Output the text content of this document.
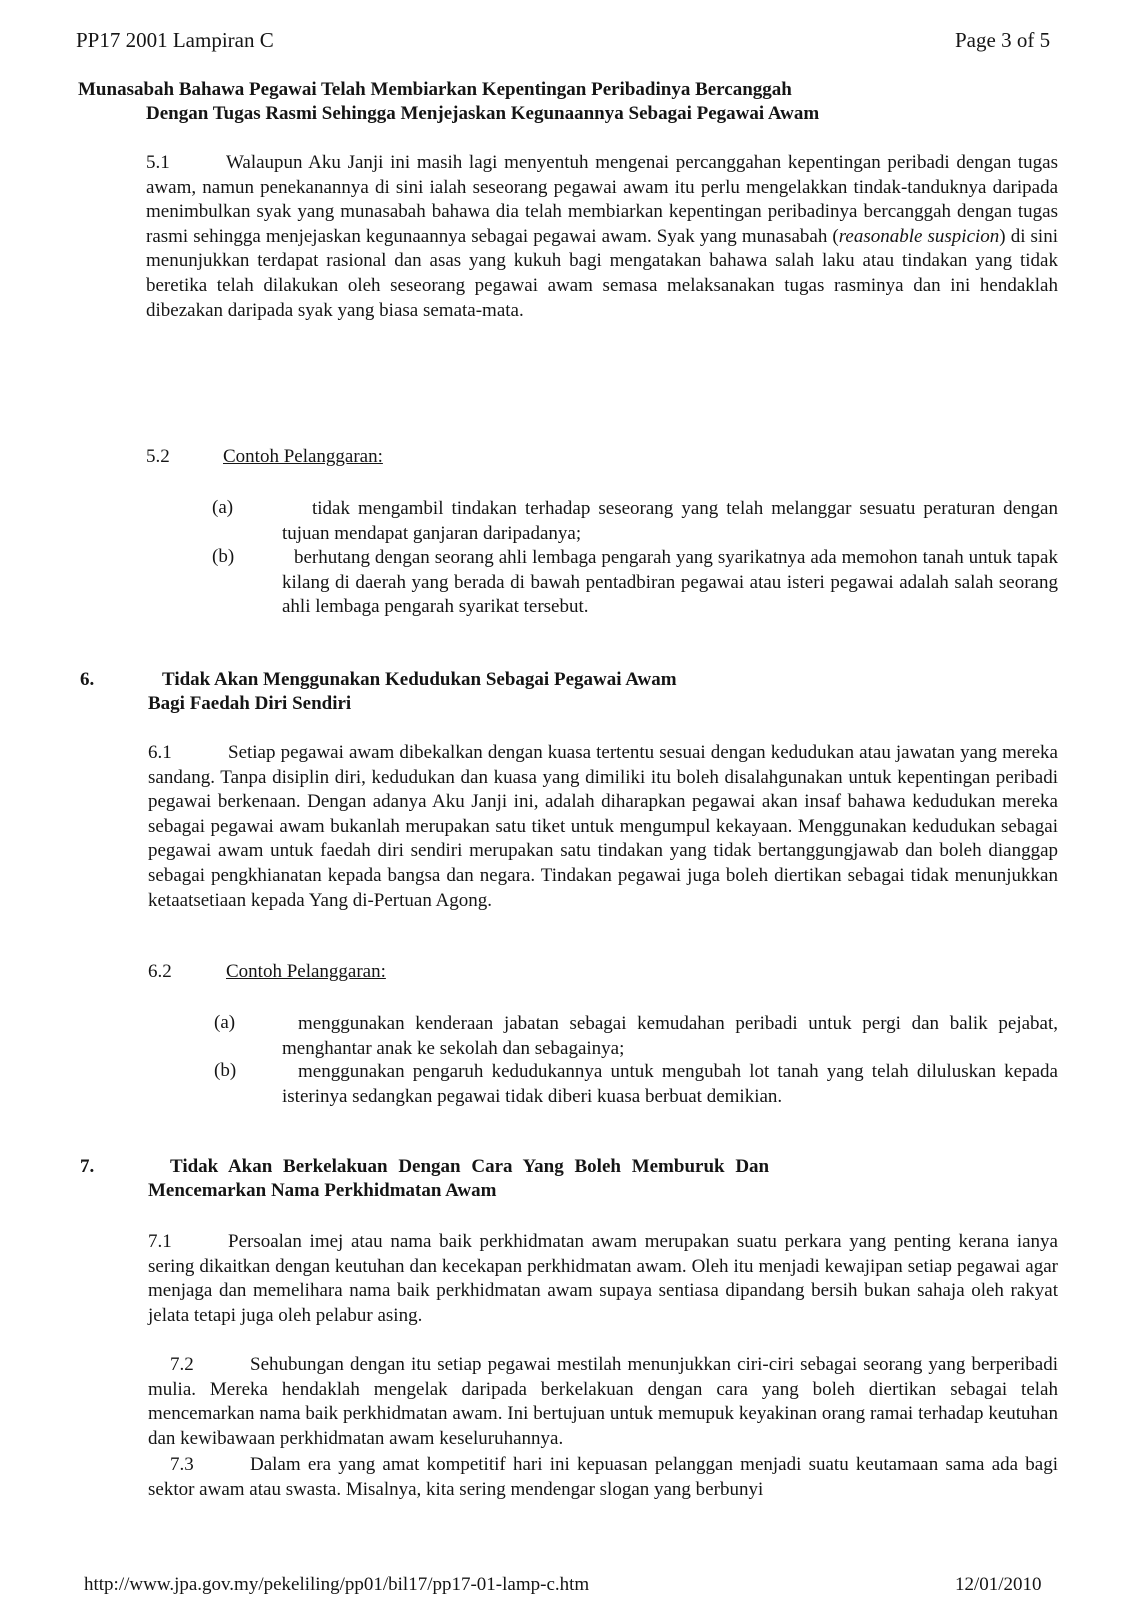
PP17 2001 Lampiran C	Page 3 of 5
Munasabah Bahawa Pegawai Telah Membiarkan Kepentingan Peribadinya Bercanggah
Dengan Tugas Rasmi Sehingga Menjejaskan Kegunaannya Sebagai Pegawai Awam
5.1	Walaupun Aku Janji ini masih lagi menyentuh mengenai percanggahan kepentingan peribadi dengan tugas awam, namun penekanannya di sini ialah seseorang pegawai awam itu perlu mengelakkan tindak-tanduknya daripada menimbulkan syak yang munasabah bahawa dia telah membiarkan kepentingan peribadinya bercanggah dengan tugas rasmi sehingga menjejaskan kegunaannya sebagai pegawai awam. Syak yang munasabah (reasonable suspicion) di sini menunjukkan terdapat rasional dan asas yang kukuh bagi mengatakan bahawa salah laku atau tindakan yang tidak beretika telah dilakukan oleh seseorang pegawai awam semasa melaksanakan tugas rasminya dan ini hendaklah dibezakan daripada syak yang biasa semata-mata.
5.2	Contoh Pelanggaran:
(a)	tidak mengambil tindakan terhadap seseorang yang telah melanggar sesuatu peraturan dengan tujuan mendapat ganjaran daripadanya;
(b)	berhutang dengan seorang ahli lembaga pengarah yang syarikatnya ada memohon tanah untuk tapak kilang di daerah yang berada di bawah pentadbiran pegawai atau isteri pegawai adalah salah seorang ahli lembaga pengarah syarikat tersebut.
6.	Tidak Akan Menggunakan Kedudukan Sebagai Pegawai Awam
Bagi Faedah Diri Sendiri
6.1	Setiap pegawai awam dibekalkan dengan kuasa tertentu sesuai dengan kedudukan atau jawatan yang mereka sandang. Tanpa disiplin diri, kedudukan dan kuasa yang dimiliki itu boleh disalahgunakan untuk kepentingan peribadi pegawai berkenaan. Dengan adanya Aku Janji ini, adalah diharapkan pegawai akan insaf bahawa kedudukan mereka sebagai pegawai awam bukanlah merupakan satu tiket untuk mengumpul kekayaan. Menggunakan kedudukan sebagai pegawai awam untuk faedah diri sendiri merupakan satu tindakan yang tidak bertanggungjawab dan boleh dianggap sebagai pengkhianatan kepada bangsa dan negara. Tindakan pegawai juga boleh diertikan sebagai tidak menunjukkan ketaatsetiaan kepada Yang di-Pertuan Agong.
6.2	Contoh Pelanggaran:
(a)	menggunakan kenderaan jabatan sebagai kemudahan peribadi untuk pergi dan balik pejabat, menghantar anak ke sekolah dan sebagainya;
(b)	menggunakan pengaruh kedudukannya untuk mengubah lot tanah yang telah diluluskan kepada isterinya sedangkan pegawai tidak diberi kuasa berbuat demikian.
7.	Tidak Akan Berkelakuan Dengan Cara Yang Boleh Memburuk Dan
Mencemarkan Nama Perkhidmatan Awam
7.1	Persoalan imej atau nama baik perkhidmatan awam merupakan suatu perkara yang penting kerana ianya sering dikaitkan dengan keutuhan dan kecekapan perkhidmatan awam. Oleh itu menjadi kewajipan setiap pegawai agar menjaga dan memelihara nama baik perkhidmatan awam supaya sentiasa dipandang bersih bukan sahaja oleh rakyat jelata tetapi juga oleh pelabur asing.
7.2	Sehubungan dengan itu setiap pegawai mestilah menunjukkan ciri-ciri sebagai seorang yang berperibadi mulia. Mereka hendaklah mengelak daripada berkelakuan dengan cara yang boleh diertikan sebagai telah mencemarkan nama baik perkhidmatan awam. Ini bertujuan untuk memupuk keyakinan orang ramai terhadap keutuhan dan kewibawaan perkhidmatan awam keseluruhannya.
7.3	Dalam era yang amat kompetitif hari ini kepuasan pelanggan menjadi suatu keutamaan sama ada bagi sektor awam atau swasta. Misalnya, kita sering mendengar slogan yang berbunyi
http://www.jpa.gov.my/pekeliling/pp01/bil17/pp17-01-lamp-c.htm	12/01/2010
